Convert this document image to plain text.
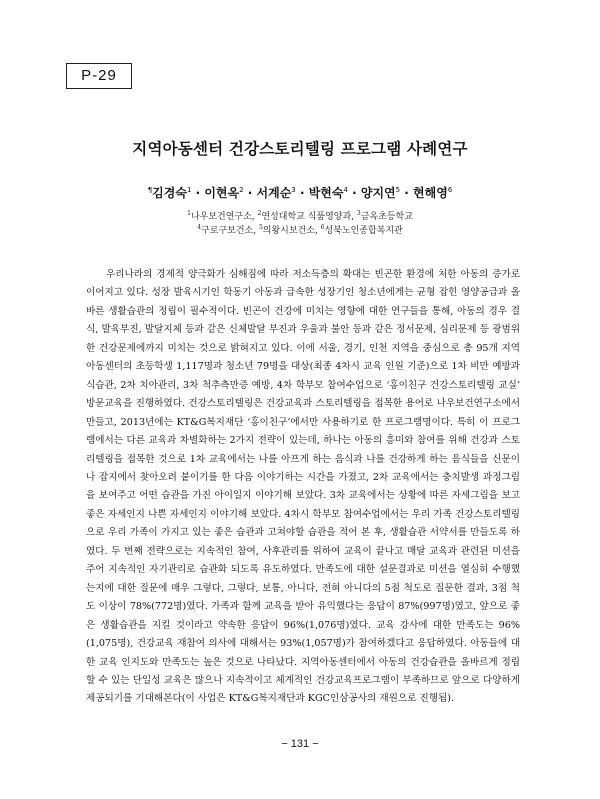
P-29
지역아동센터 건강스토리텔링 프로그램 사례연구
¶김경숙$^1$ · 이현옥$^2$ · 서계순$^3$ · 박현숙$^4$ · 양지연$^5$ · 현해영$^6$
$^1$나우보건연구소, $^2$연성대학교 식품영양과, $^3$금옥초등학교
$^4$구로구보건소, $^5$의왕시보건소, $^6$성북노인종합복지관

우리나라의 경제적 양극화가 심해짐에 따라 저소득층의 확대는 빈곤한 환경에 처한 아동의 증가로 이어지고 있다. 성장 발육시기인 학동기 아동과 급속한 성장기인 청소년에게는 균형 잡힌 영양공급과 올바른 생활습관의 정립이 필수적이다. 빈곤이 건강에 미치는 영향에 대한 연구들을 통해, 아동의 경우 결식, 발육부진, 발달지체 등과 같은 신체발달 부진과 우울과 불안 등과 같은 정서문제, 심리문제 등 광범위한 건강문제에까지 미치는 것으로 밝혀지고 있다. 이에 서울, 경기, 인천 지역을 중심으로 총 95개 지역아동센터의 초등학생 1,117명과 청소년 79명을 대상(최종 4차시 교육 인원 기준)으로 1차 비만 예방과 식습관, 2차 치아관리, 3차 척추측만증 예방, 4차 학부모 참여수업으로 ‘홍이친구 건강스토리텔링 교실’ 방문교육을 진행하였다. 건강스토리텔링은 건강교육과 스토리텔링을 접목한 용어로 나우보건연구소에서 만들고, 2013년에는 KT&G복지재단 ‘홍이친구’에서만 사용하기로 한 프로그램명이다. 특히 이 프로그램에서는 다른 교육과 차별화하는 2가지 전략이 있는데, 하나는 아동의 흥미와 참여를 위해 건강과 스토리텔링을 접목한 것으로 1차 교육에서는 나를 아프게 하는 음식과 나를 건강하게 하는 음식들을 신문이나 잡지에서 찾아오려 붙이기를 한 다음 이야기하는 시간을 가졌고, 2차 교육에서는 충치발생 과정그림을 보여주고 어떤 습관을 가진 아이일지 이야기해 보았다. 3차 교육에서는 상황에 따른 자세그림을 보고 좋은 자세인지 나쁜 자세인지 이야기해 보았다. 4차시 학부모 참여수업에서는 우리 가족 건강스토리텔링으로 우리 가족이 가지고 있는 좋은 습관과 고쳐야할 습관을 적어 본 후, 생활습관 서약서를 만들도록 하였다. 두 번째 전략으로는 지속적인 참여, 사후관리를 위하여 교육이 끝나고 매달 교육과 관련된 미션을 주어 지속적인 자기관리로 습관화 되도록 유도하였다. 만족도에 대한 설문결과로 미션을 열심히 수행했는지에 대한 질문에 매우 그렇다, 그렇다, 보통, 아니다, 전혀 아니다의 5점 척도로 질문한 결과, 3점 척도 이상이 78%(772명)였다. 가족과 함께 교육을 받아 유익했다는 응답이 87%(997명)였고, 앞으로 좋은 생활습관을 지킬 것이라고 약속한 응답이 96%(1,076명)였다. 교육 강사에 대한 만족도는 96%(1,075명), 건강교육 재참여 의사에 대해서는 93%(1,057명)가 참여하겠다고 응답하였다. 아동들에 대한 교육 인지도와 만족도는 높은 것으로 나타났다. 지역아동센터에서 아동의 건강습관을 올바르게 정립할 수 있는 단일성 교육은 많으나 지속적이고 체계적인 건강교육프로그램이 부족하므로 앞으로 다양하게 제공되기를 기대해본다(이 사업은 KT&G복지재단과 KGC인삼공사의 재원으로 진행됨).

− 131 −
